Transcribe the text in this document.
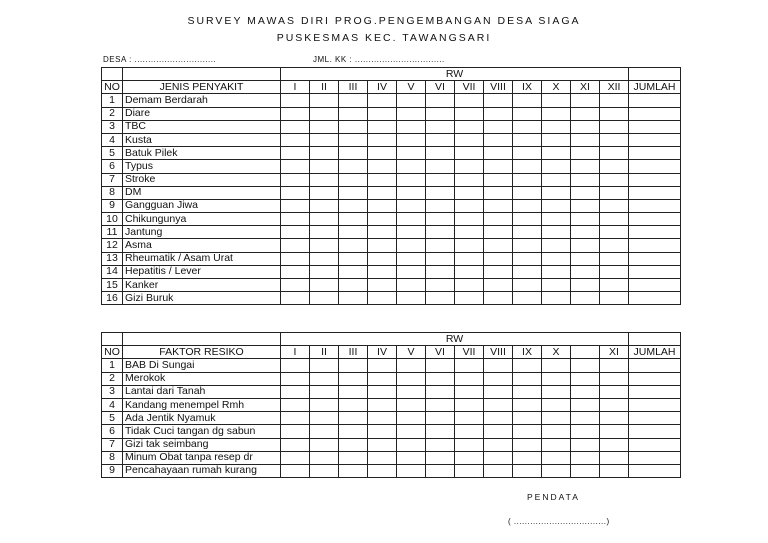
SURVEY MAWAS DIRI PROG.PENGEMBANGAN DESA SIAGA
PUSKESMAS KEC. TAWANGSARI
DESA : ..............................	JML. KK : .................................
		RW												
NO	JENIS PENYAKIT	I	II	III	IV	V	VI	VII	VIII	IX	X	XI	XII	JUMLAH
1	Demam Berdarah													
2	Diare													
3	TBC													
4	Kusta													
5	Batuk Pilek													
6	Typus													
7	Stroke													
8	DM													
9	Gangguan Jiwa													
10	Chikungunya													
11	Jantung													
12	Asma													
13	Rheumatik / Asam Urat													
14	Hepatitis / Lever													
15	Kanker													
16	Gizi Buruk													
		RW												
NO	FAKTOR RESIKO	I	II	III	IV	V	VI	VII	VIII	IX	X		XI	JUMLAH
1	BAB Di Sungai													
2	Merokok													
3	Lantai dari Tanah													
4	Kandang menempel Rmh													
5	Ada Jentik Nyamuk													
6	Tidak Cuci tangan dg sabun													
7	Gizi tak seimbang													
8	Minum Obat tanpa resep dr													
9	Pencahayaan rumah kurang													
PENDATA
( ..................................)
